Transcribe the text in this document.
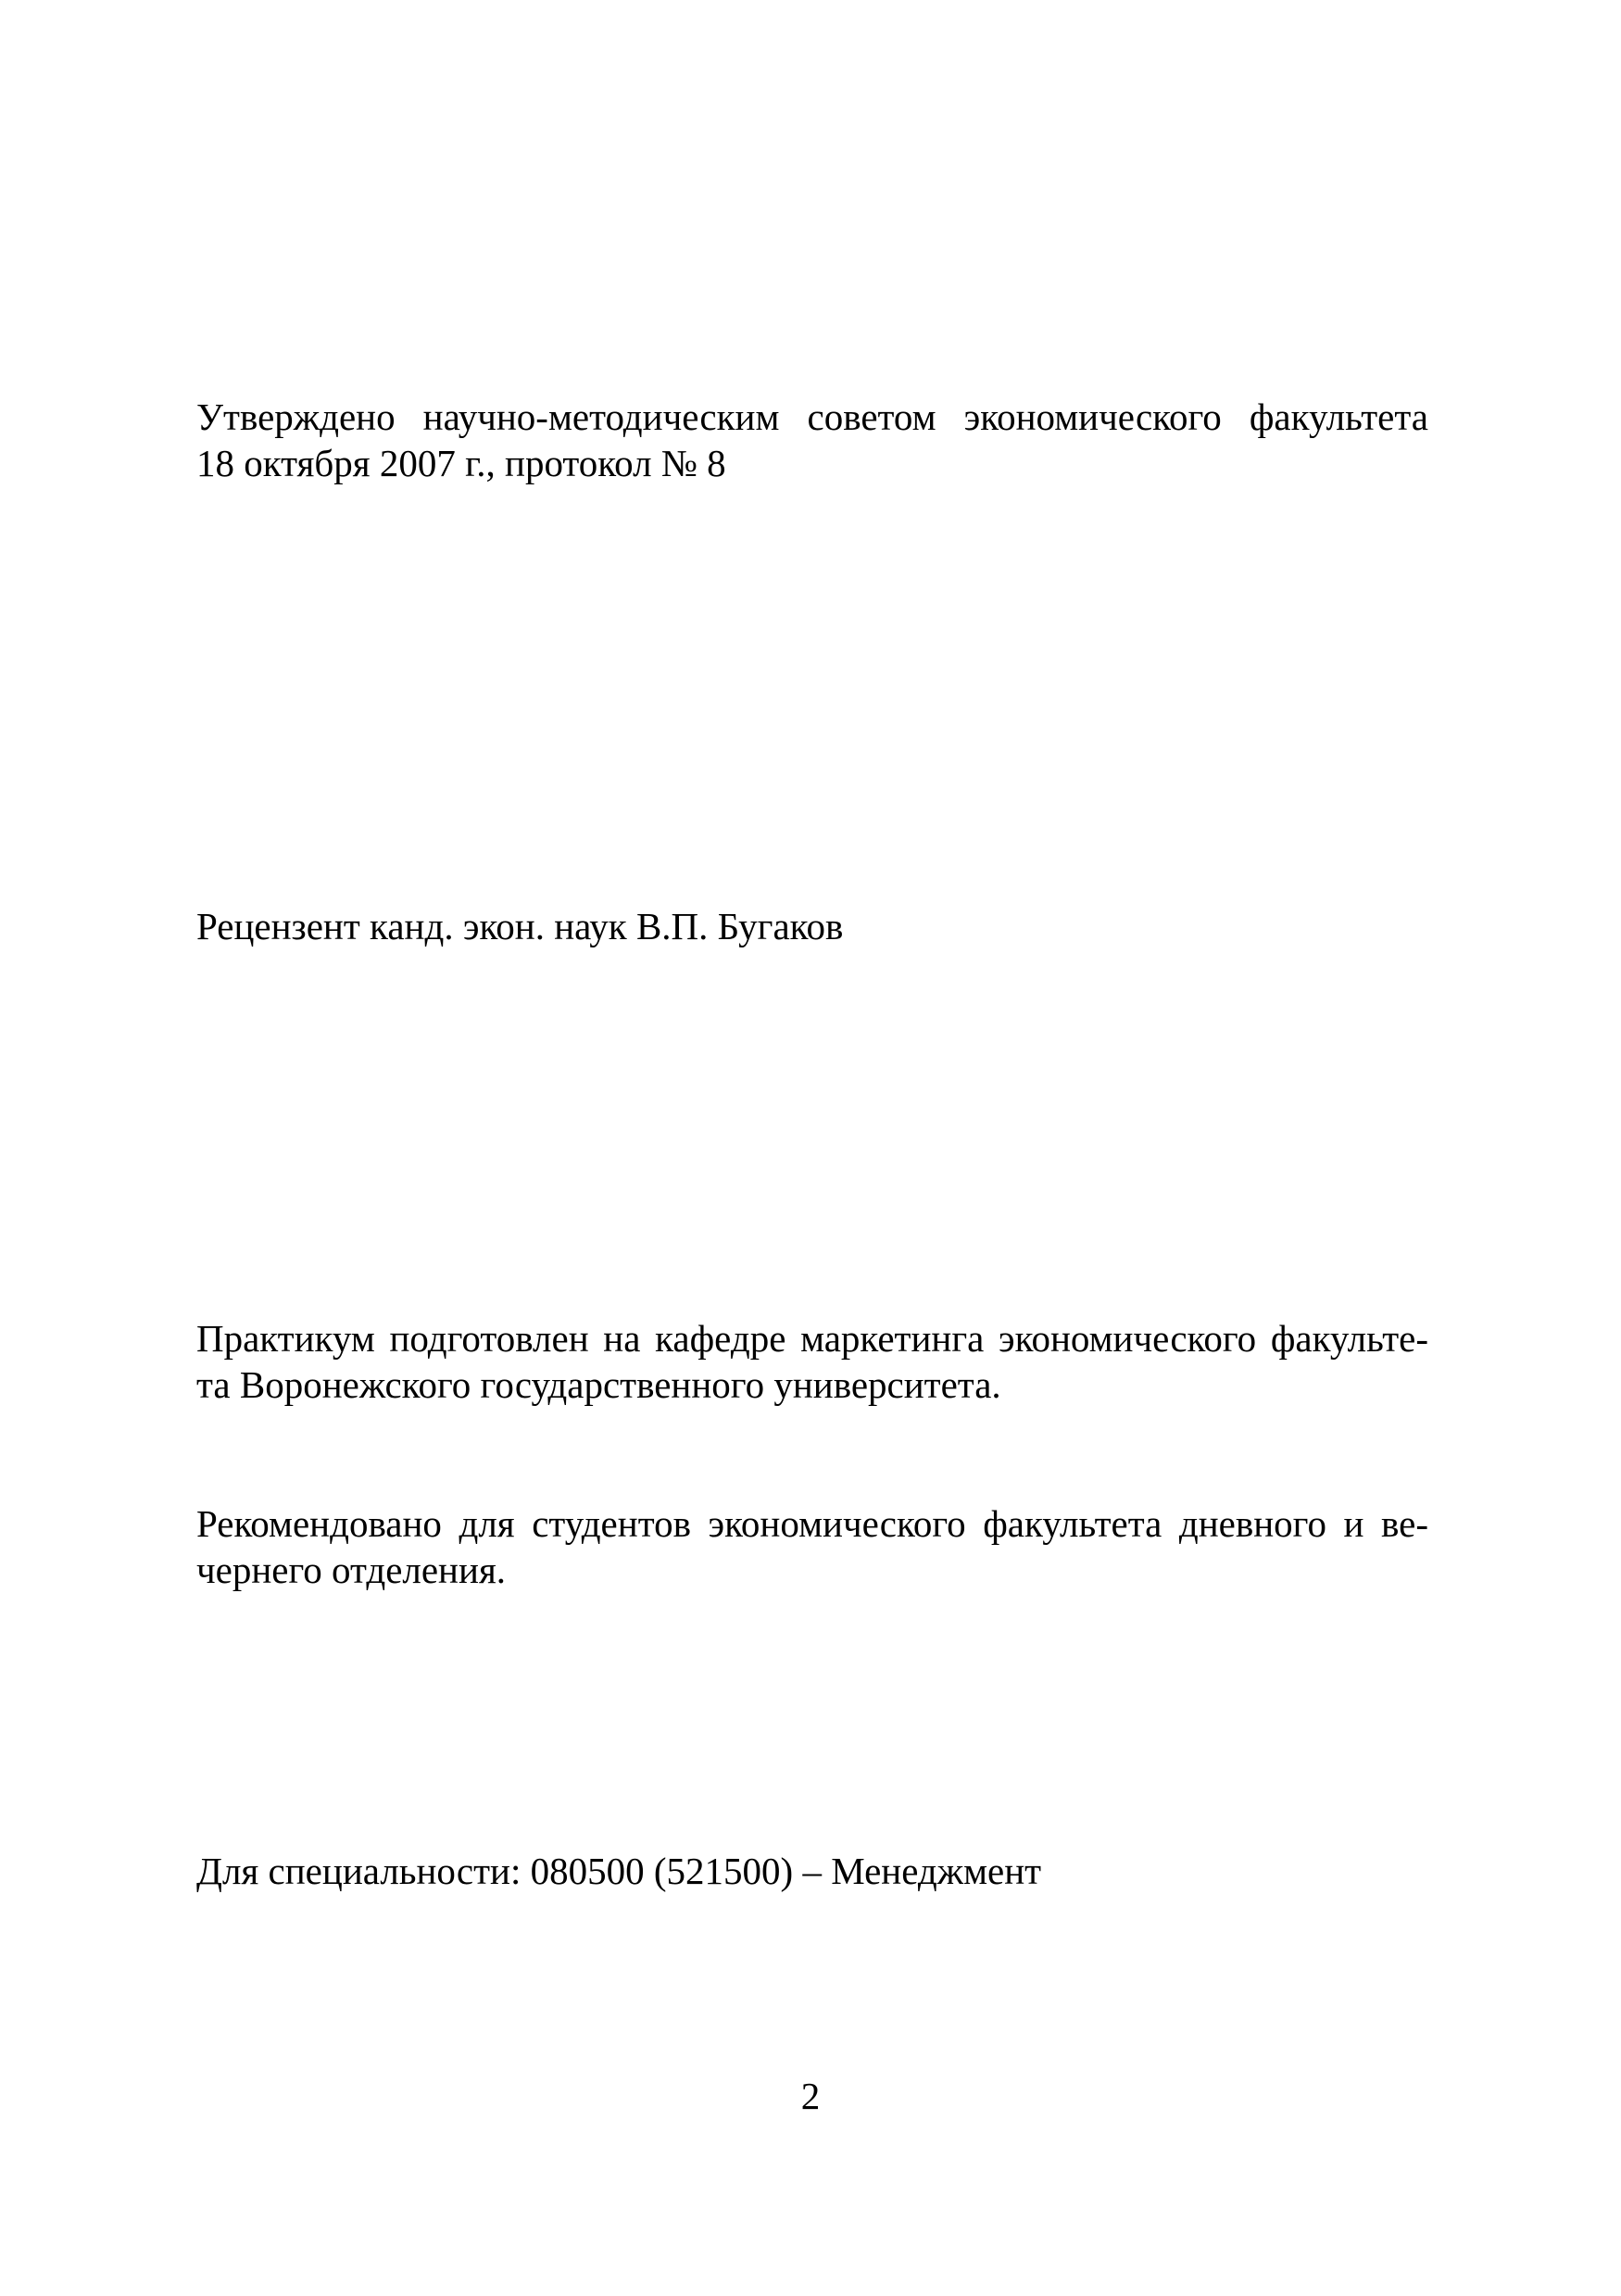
Утверждено научно-методическим советом экономического факультета
18 октября 2007 г., протокол № 8

Рецензент канд. экон. наук В.П. Бугаков

Практикум подготовлен на кафедре маркетинга экономического факульте-
та Воронежского государственного университета.

Рекомендовано для студентов экономического факультета дневного и ве-
чернего отделения.

Для специальности: 080500 (521500) – Менеджмент

2
